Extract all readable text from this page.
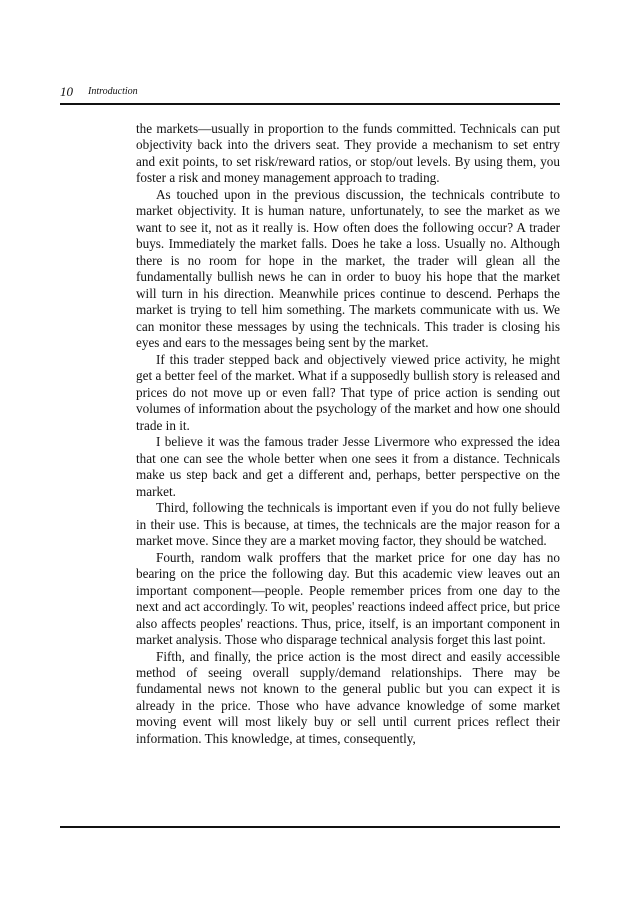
10 Introduction

the markets—usually in proportion to the funds committed. Technicals can put objectivity back into the drivers seat. They provide a mechanism to set entry and exit points, to set risk/reward ratios, or stop/out levels. By using them, you foster a risk and money management approach to trading.

As touched upon in the previous discussion, the technicals contribute to market objectivity. It is human nature, unfortunately, to see the market as we want to see it, not as it really is. How often does the following occur? A trader buys. Immediately the market falls. Does he take a loss. Usually no. Although there is no room for hope in the market, the trader will glean all the fundamentally bullish news he can in order to buoy his hope that the market will turn in his direction. Meanwhile prices continue to descend. Perhaps the market is trying to tell him something. The markets communicate with us. We can monitor these messages by using the technicals. This trader is closing his eyes and ears to the messages being sent by the market.

If this trader stepped back and objectively viewed price activity, he might get a better feel of the market. What if a supposedly bullish story is released and prices do not move up or even fall? That type of price action is sending out volumes of information about the psychology of the market and how one should trade in it.

I believe it was the famous trader Jesse Livermore who expressed the idea that one can see the whole better when one sees it from a distance. Technicals make us step back and get a different and, perhaps, better perspective on the market.

Third, following the technicals is important even if you do not fully believe in their use. This is because, at times, the technicals are the major reason for a market move. Since they are a market moving factor, they should be watched.

Fourth, random walk proffers that the market price for one day has no bearing on the price the following day. But this academic view leaves out an important component—people. People remember prices from one day to the next and act accordingly. To wit, peoples' reactions indeed affect price, but price also affects peoples' reactions. Thus, price, itself, is an important component in market analysis. Those who disparage technical analysis forget this last point.

Fifth, and finally, the price action is the most direct and easily accessible method of seeing overall supply/demand relationships. There may be fundamental news not known to the general public but you can expect it is already in the price. Those who have advance knowledge of some market moving event will most likely buy or sell until current prices reflect their information. This knowledge, at times, consequently,
